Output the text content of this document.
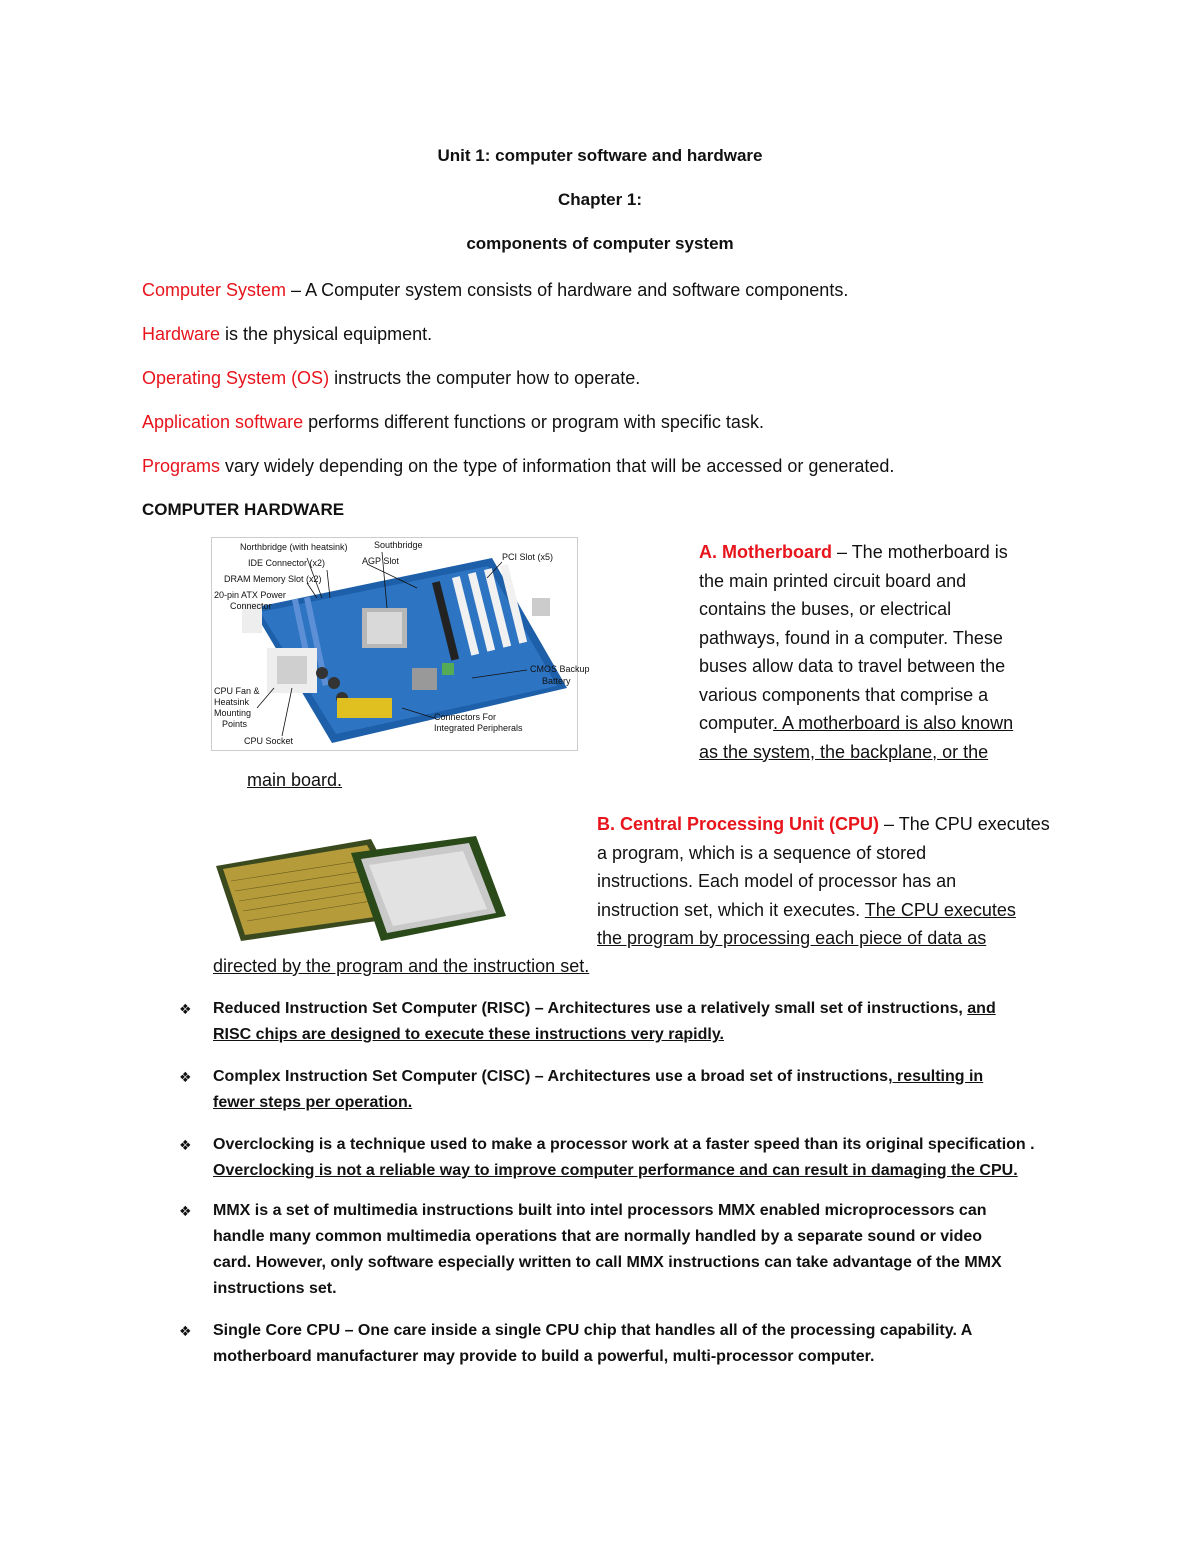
Unit 1: computer software and hardware
Chapter 1:
components of computer system
Computer System – A Computer system consists of hardware and software components.
Hardware is the physical equipment.
Operating System (OS) instructs the computer how to operate.
Application software performs different functions or program with specific task.
Programs vary widely depending on the type of information that will be accessed or generated.
COMPUTER HARDWARE
Northbridge (with heatsink)	Southbridge
IDE Connector (x2)	AGP Slot	PCI Slot (x5)
DRAM Memory Slot (x2)
20-pin ATX Power
Connector
CMOS Backup
Battery
CPU Fan &
Heatsink
Mounting
Points
CPU Socket
Connectors For
Integrated Peripherals
A. Motherboard – The motherboard is
the main printed circuit board and
contains the buses, or electrical
pathways, found in a computer. These
buses allow data to travel between the
various components that comprise a
computer. A motherboard is also known
as the system, the backplane, or the
main board.
B. Central Processing Unit (CPU) – The CPU executes
a program, which is a sequence of stored
instructions. Each model of processor has an
instruction set, which it executes. The CPU executes
the program by processing each piece of data as
directed by the program and the instruction set.
❖ Reduced Instruction Set Computer (RISC) – Architectures use a relatively small set of instructions, and
RISC chips are designed to execute these instructions very rapidly.
❖ Complex Instruction Set Computer (CISC) – Architectures use a broad set of instructions, resulting in
fewer steps per operation.
❖ Overclocking is a technique used to make a processor work at a faster speed than its original specification .
Overclocking is not a reliable way to improve computer performance and can result in damaging the CPU.
❖ MMX is a set of multimedia instructions built into intel processors MMX enabled microprocessors can
handle many common multimedia operations that are normally handled by a separate sound or video
card. However, only software especially written to call MMX instructions can take advantage of the MMX
instructions set.
❖ Single Core CPU – One care inside a single CPU chip that handles all of the processing capability. A
motherboard manufacturer may provide to build a powerful, multi-processor computer.
